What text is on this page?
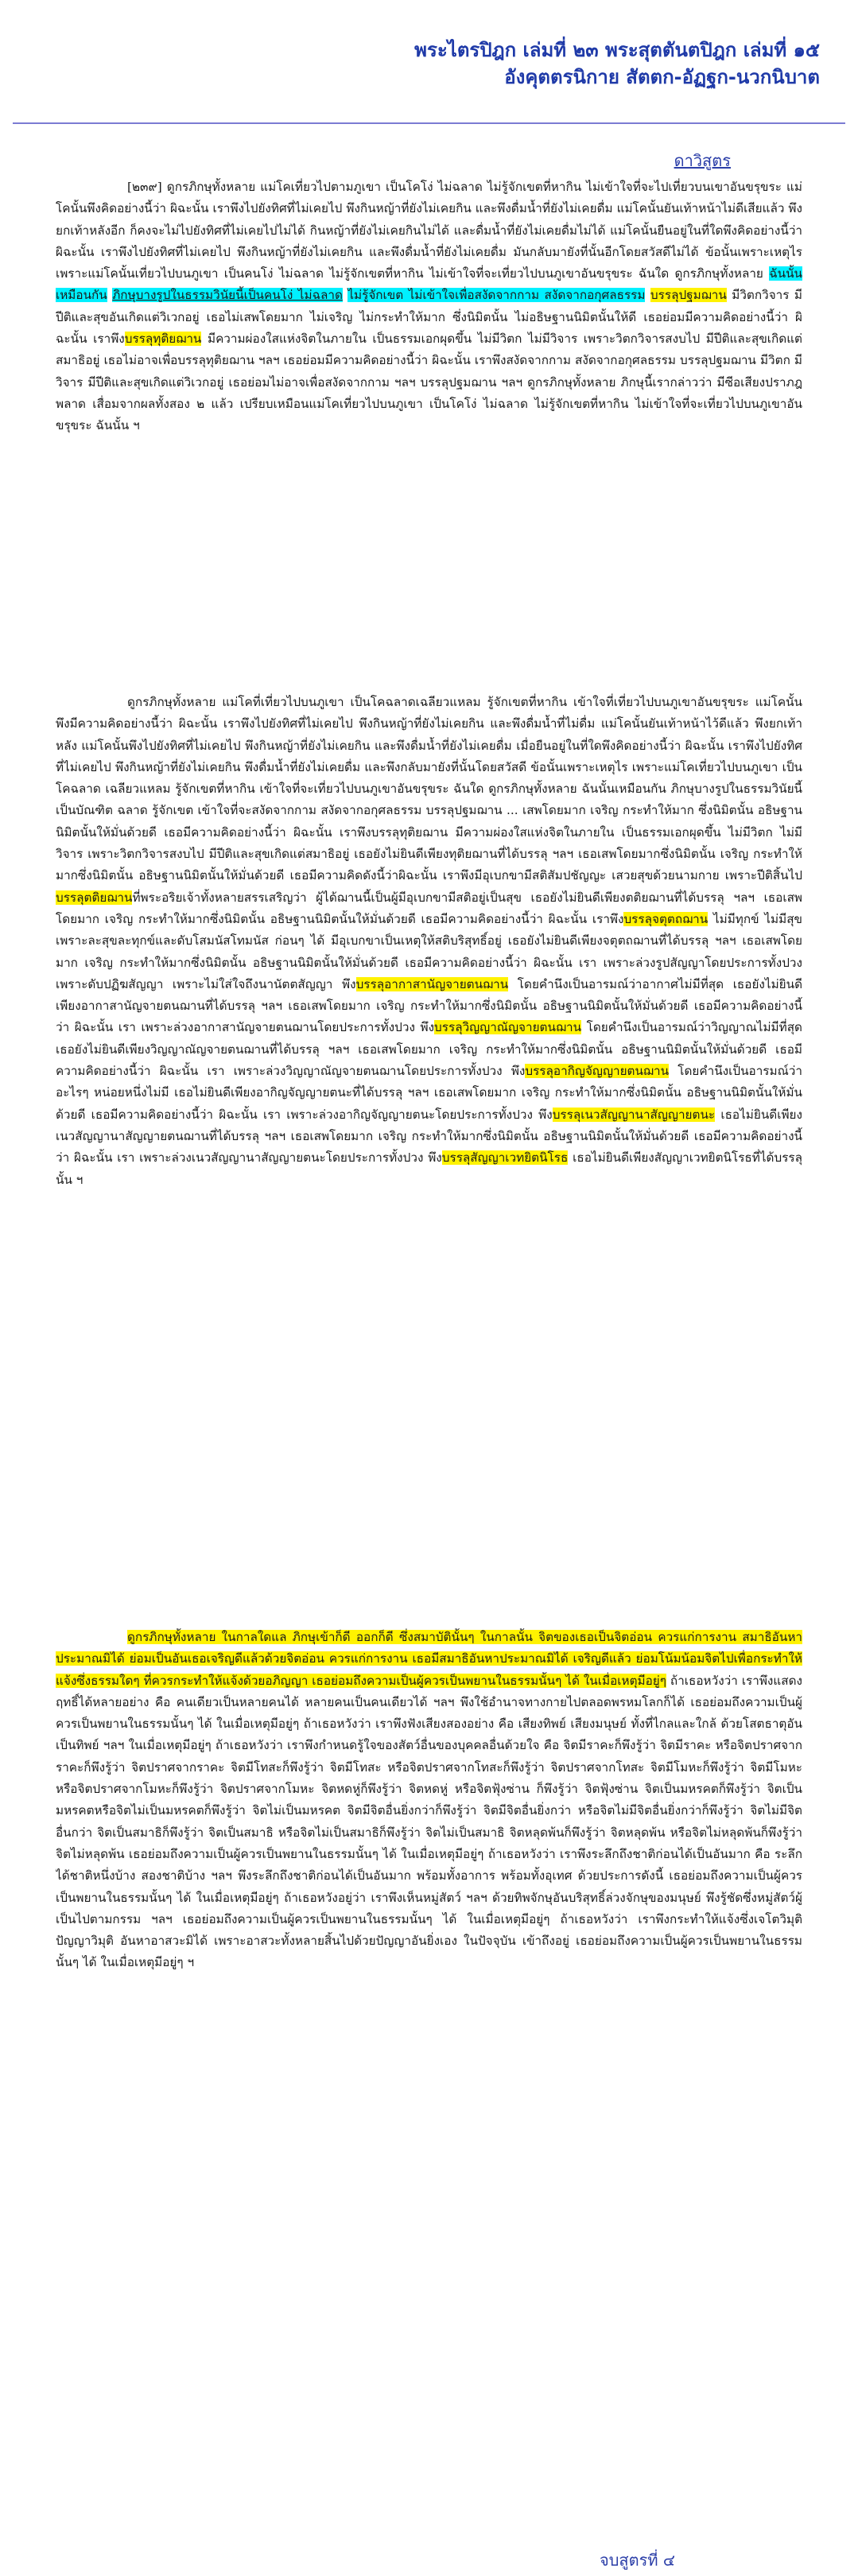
พระไตรปิฎก เล่มที่ ๒๓ พระสุตตันตปิฎก เล่มที่ ๑๕
อังคุตตรนิกาย สัตตก-อัฏฐก-นวกนิบาต
ดาวิสูตร

[๒๓๙] ดูกรภิกษุทั้งหลาย แม่โคเที่ยวไปตามภูเขา เป็นโคโง่ ไม่ฉลาด ไม่รู้จักเขตที่หากิน ไม่เข้าใจที่จะไปเที่ยวบนเขาอันขรุขระ แม่โคนั้นพึงคิดอย่างนี้ว่า ผิฉะนั้น เราพึงไปยังทิศที่ไม่เคยไป พึงกินหญ้าที่ยังไม่เคยกิน และพึงดื่มน้ำที่ยังไม่เคยดื่ม แม่โคนั้นยันเท้าหน้าไม่ดีเสียแล้ว พึงยกเท้าหลังอีก ก็คงจะไม่ไปยังทิศที่ไม่เคยไปไม่ได้ กินหญ้าที่ยังไม่เคยกินไม่ได้ และดื่มน้ำที่ยังไม่เคยดื่มไม่ได้ แม่โคนั้นยืนอยู่ในที่ใดพึงคิดอย่างนี้ว่า ผิฉะนั้น เราพึงไปยังทิศที่ไม่เคยไป พึงกินหญ้าที่ยังไม่เคยกิน และพึงดื่มน้ำที่ยังไม่เคยดื่ม มันกลับมายังที่นั้นอีกโดยสวัสดีไม่ได้ ข้อนั้นเพราะเหตุไร เพราะแม่โคนั้นเที่ยวไปบนภูเขา เป็นคนโง่ ไม่ฉลาด ไม่รู้จักเขตที่หากิน ไม่เข้าใจที่จะเที่ยวไปบนภูเขาอันขรุขระ ฉันใด ดูกรภิกษุทั้งหลาย ฉันนั้นเหมือนกัน ภิกษุบางรูปในธรรมวินัยนี้เป็นคนโง่ ไม่ฉลาด ไม่รู้จักเขต ไม่เข้าใจเพื่อสงัดจากกาม สงัดจากอกุศลธรรม บรรลุปฐมฌาน มีวิตกวิจาร มีปีติและสุขอันเกิดแต่วิเวกอยู่ เธอไม่เสพโดยมาก ไม่เจริญ ไม่กระทำให้มาก ซึ่งนิมิตนั้น ไม่อธิษฐานนิมิตนั้นให้ดี เธอย่อมมีความคิดอย่างนี้ว่า ผิฉะนั้น เราพึงบรรลุทุติยฌาน มีความผ่องใสแห่งจิตในภายใน เป็นธรรมเอกผุดขึ้น ไม่มีวิตก ไม่มีวิจาร เพราะวิตกวิจารสงบไป มีปีติและสุขเกิดแต่สมาธิอยู่ เธอไม่อาจเพื่อบรรลุทุติยฌาน ฯลฯ เธอย่อมมีความคิดอย่างนี้ว่า ผิฉะนั้น เราพึงสงัดจากกาม สงัดจากอกุศลธรรม บรรลุปฐมฌาน มีวิตก มีวิจาร มีปีติและสุขเกิดแต่วิเวกอยู่ เธอย่อมไม่อาจเพื่อสงัดจากกาม ฯลฯ บรรลุปฐมฌาน ฯลฯ ดูกรภิกษุทั้งหลาย ภิกษุนี้เรากล่าวว่า มีซีอเสียงปราภฎ พลาด เสื่อมจากผลทั้งสอง ๒ แล้ว เปรียบเหมือนแม่โคเที่ยวไปบนภูเขา เป็นโคโง่ ไม่ฉลาด ไม่รู้จักเขตที่หากิน ไม่เข้าใจที่จะเที่ยวไปบนภูเขาอันขรุขระ ฉันนั้น ฯ

ดูกรภิกษุทั้งหลาย แม่โคที่เที่ยวไปบนภูเขา เป็นโคฉลาดเฉลียวแหลม รู้จักเขตที่หากิน เข้าใจที่เที่ยวไปบนภูเขาอันขรุขระ แม่โคนั้นพึงมีความคิดอย่างนี้ว่า ผิฉะนั้น เราพึงไปยังทิศที่ไม่เคยไป พึงกินหญ้าที่ยังไม่เคยกิน และพึงดื่มน้ำที่ไม่ดื่ม แม่โคนั้นยันเท้าหน้าไว้ดีแล้ว พึงยกเท้าหลัง แม่โคนั้นพึงไปยังทิศที่ไม่เคยไป พึงกินหญ้าที่ยังไม่เคยกิน และพึงดื่มน้ำที่ยังไม่เคยดื่ม เมื่อยืนอยู่ในที่ใดพึงคิดอย่างนี้ว่า ผิฉะนั้น เราพึงไปยังทิศที่ไม่เคยไป พึงกินหญ้าที่ยังไม่เคยกิน พึงดื่มน้ำที่ยังไม่เคยดื่ม และพึงกลับมายังที่นั้นโดยสวัสดี ข้อนั้นเพราะเหตุไร เพราะแม่โคเที่ยวไปบนภูเขา เป็นโคฉลาด เฉลียวแหลม รู้จักเขตที่หากิน เข้าใจที่จะเที่ยวไปบนภูเขาอันขรุขระ ฉันใด ดูกรภิกษุทั้งหลาย ฉันนั้นเหมือนกัน ภิกษุบางรูปในธรรมวินัยนี้ เป็นบัณฑิต ฉลาด รู้จักเขต เข้าใจที่จะสงัดจากกาม สงัดจากอกุศลธรรม บรรลุปฐมฌาน ... เสพโดยมาก เจริญ กระทำให้มาก ซึ่งนิมิตนั้น อธิษฐานนิมิตนั้นให้มั่นด้วยดี เธอมีความคิดอย่างนี้ว่า ผิฉะนั้น เราพึงบรรลุทุติยฌาน มีความผ่องใสแห่งจิตในภายใน เป็นธรรมเอกผุดขึ้น ไม่มีวิตก ไม่มีวิจาร เพราะวิตกวิจารสงบไป มีปีติและสุขเกิดแต่สมาธิอยู่ เธอยังไม่ยินดีเพียงทุติยฌานที่ได้บรรลุ ฯลฯ เธอเสพโดยมากซึ่งนิมิตนั้น เจริญ กระทำให้มากซึ่งนิมิตนั้น อธิษฐานนิมิตนั้นให้มั่นด้วยดี เธอมีความคิดดังนี้ว่าผิฉะนั้น เราพึงมีอุเบกขามีสติสัมปชัญญะ เสวยสุขด้วยนามกาย เพราะปีติสิ้นไป บรรลุตติยฌานที่พระอริยเจ้าทั้งหลายสรรเสริญว่า ผู้ได้ฌานนี้เป็นผู้มีอุเบกขามีสติอยู่เป็นสุข เธอยังไม่ยินดีเพียงตติยฌานที่ได้บรรลุ ฯลฯ เธอเสพโดยมาก เจริญ กระทำให้มากซึ่งนิมิตนั้น อธิษฐานนิมิตนั้นให้มั่นด้วยดี เธอมีความคิดอย่างนี้ว่า ผิฉะนั้น เราพึงบรรลุจตุตถฌาน ไม่มีทุกข์ ไม่มีสุข เพราะละสุขละทุกข์และดับโสมนัสโทมนัส ก่อนๆ ได้ มีอุเบกขาเป็นเหตุให้สติบริสุทธิ์อยู่ เธอยังไม่ยินดีเพียงจตุตถฌานที่ได้บรรลุ ฯลฯ เธอเสพโดยมาก เจริญ กระทำให้มากซึ่งนิมิตนั้น อธิษฐานนิมิตนั้นให้มั่นด้วยดี เธอมีความคิดอย่างนี้ว่า ผิฉะนั้น เรา เพราะล่วงรูปสัญญาโดยประการทั้งปวง เพราะดับปฏิฆสัญญา เพราะไม่ใส่ใจถึงนานัตตสัญญา พึงบรรลุอากาสานัญจายตนฌาน โดยคำนึงเป็นอารมณ์ว่าอากาศไม่มีที่สุด เธอยังไม่ยินดีเพียงอากาสานัญจายตนฌานที่ได้บรรลุ ฯลฯ เธอเสพโดยมาก เจริญ กระทำให้มากซึ่งนิมิตนั้น อธิษฐานนิมิตนั้นให้มั่นด้วยดี เธอมีความคิดอย่างนี้ว่า ผิฉะนั้น เรา เพราะล่วงอากาสานัญจายตนฌานโดยประการทั้งปวง พึงบรรลุวิญญาณัญจายตนฌาน โดยคำนึงเป็นอารมณ์ว่าวิญญาณไม่มีที่สุด เธอยังไม่ยินดีเพียงวิญญาณัญจายตนฌานที่ได้บรรลุ ฯลฯ เธอเสพโดยมาก เจริญ กระทำให้มากซึ่งนิมิตนั้น อธิษฐานนิมิตนั้นให้มั่นด้วยดี เธอมีความคิดอย่างนี้ว่า ผิฉะนั้น เรา เพราะล่วงวิญญาณัญจายตนฌานโดยประการทั้งปวง พึงบรรลุอากิญจัญญายตนฌาน โดยคำนึงเป็นอารมณ์ว่า อะไรๆ หน่อยหนึ่งไม่มี เธอไม่ยินดีเพียงอากิญจัญญายตนะที่ได้บรรลุ ฯลฯ เธอเสพโดยมาก เจริญ กระทำให้มากซึ่งนิมิตนั้น อธิษฐานนิมิตนั้นให้มั่นด้วยดี เธอมีความคิดอย่างนี้ว่า ผิฉะนั้น เรา เพราะล่วงอากิญจัญญายตนะโดยประการทั้งปวง พึงบรรลุเนวสัญญานาสัญญายตนะ เธอไม่ยินดีเพียงเนวสัญญานาสัญญายตนฌานที่ได้บรรลุ ฯลฯ เธอเสพโดยมาก เจริญ กระทำให้มากซึ่งนิมิตนั้น อธิษฐานนิมิตนั้นให้มั่นด้วยดี เธอมีความคิดอย่างนี้ว่า ผิฉะนั้น เรา เพราะล่วงเนวสัญญานาสัญญายตนะโดยประการทั้งปวง พึงบรรลุสัญญาเวทยิตนิโรธ เธอไม่ยินดีเพียงสัญญาเวทยิตนิโรธที่ได้บรรลุนั้น ฯ

ดูกรภิกษุทั้งหลาย ในกาลใดแล ภิกษุเข้าก็ดี ออกก็ดี ซึ่งสมาบัตินั้นๆ ในกาลนั้น จิตของเธอเป็นจิตอ่อน ควรแก่การงาน สมาธิอันหาประมาณมิได้ ย่อมเป็นอันเธอเจริญดีแล้วด้วยจิตอ่อน ควรแก่การงาน เธอมีสมาธิอันหาประมาณมิได้ เจริญดีแล้ว ย่อมโน้มน้อมจิตไปเพื่อกระทำให้แจ้งซึ่งธรรมใดๆ ที่ควรกระทำให้แจ้งด้วยอภิญญา เธอย่อมถึงความเป็นผู้ควรเป็นพยานในธรรมนั้นๆ ได้ ในเมื่อเหตุมีอยู่ๆ ถ้าเธอหวังว่า เราพึงแสดงฤทธิ์ได้หลายอย่าง คือ คนเดียวเป็นหลายคนได้ หลายคนเป็นคนเดียวได้ ฯลฯ พึงใช้อำนาจทางกายไปตลอดพรหมโลกก็ได้ เธอย่อมถึงความเป็นผู้ควรเป็นพยานในธรรมนั้นๆ ได้ ในเมื่อเหตุมีอยู่ๆ ถ้าเธอหวังว่า เราพึงฟังเสียงสองอย่าง คือ เสียงทิพย์ เสียงมนุษย์ ทั้งที่ไกลและใกล้ ด้วยโสตธาตุอันเป็นทิพย์ ฯลฯ ในเมื่อเหตุมีอยู่ๆ ถ้าเธอหวังว่า เราพึงกำหนดรู้ใจของสัตว์อื่นของบุคคลอื่นด้วยใจ คือ จิตมีราคะก็พึงรู้ว่า จิตมีราคะ หรือจิตปราศจากราคะก็พึงรู้ว่า จิตปราศจากราคะ จิตมีโทสะก็พึงรู้ว่า จิตมีโทสะ หรือจิตปราศจากโทสะก็พึงรู้ว่า จิตปราศจากโทสะ จิตมีโมหะก็พึงรู้ว่า จิตมีโมหะ หรือจิตปราศจากโมหะก็พึงรู้ว่า จิตปราศจากโมหะ จิตหดหู่ก็พึงรู้ว่า จิตหดหู่ หรือจิตฟุ้งซ่าน ก็พึงรู้ว่า จิตฟุ้งซ่าน จิตเป็นมหรคตก็พึงรู้ว่า จิตเป็นมหรคตหรือจิตไม่เป็นมหรคตก็พึงรู้ว่า จิตไม่เป็นมหรคต จิตมีจิตอื่นยิ่งกว่าก็พึงรู้ว่า จิตมีจิตอื่นยิ่งกว่า หรือจิตไม่มีจิตอื่นยิ่งกว่าก็พึงรู้ว่า จิตไม่มีจิตอื่นกว่า จิตเป็นสมาธิก็พึงรู้ว่า จิตเป็นสมาธิ หรือจิตไม่เป็นสมาธิก็พึงรู้ว่า จิตไม่เป็นสมาธิ จิตหลุดพ้นก็พึงรู้ว่า จิตหลุดพ้น หรือจิตไม่หลุดพ้นก็พึงรู้ว่า จิตไม่หลุดพ้น เธอย่อมถึงความเป็นผู้ควรเป็นพยานในธรรมนั้นๆ ได้ ในเมื่อเหตุมีอยู่ๆ ถ้าเธอหวังว่า เราพึงระลึกถึงชาติก่อนได้เป็นอันมาก คือ ระลึกได้ชาติหนึ่งบ้าง สองชาติบ้าง ฯลฯ พึงระลึกถึงชาติก่อนได้เป็นอันมาก พร้อมทั้งอาการ พร้อมทั้งอุเทศ ด้วยประการดังนี้ เธอย่อมถึงความเป็นผู้ควรเป็นพยานในธรรมนั้นๆ ได้ ในเมื่อเหตุมีอยู่ๆ ถ้าเธอหวังอยู่ว่า เราพึงเห็นหมู่สัตว์ ฯลฯ ด้วยทิพจักษุอันบริสุทธิ์ล่วงจักษุของมนุษย์ พึงรู้ชัดซึ่งหมู่สัตว์ผู้เป็นไปตามกรรม ฯลฯ เธอย่อมถึงความเป็นผู้ควรเป็นพยานในธรรมนั้นๆ ได้ ในเมื่อเหตุมีอยู่ๆ ถ้าเธอหวังว่า เราพึงกระทำให้แจ้งซึ่งเจโตวิมุติ ปัญญาวิมุติ อันหาอาสวะมิได้ เพราะอาสวะทั้งหลายสิ้นไปด้วยปัญญาอันยิ่งเอง ในปัจจุบัน เข้าถึงอยู่ เธอย่อมถึงความเป็นผู้ควรเป็นพยานในธรรมนั้นๆ ได้ ในเมื่อเหตุมีอยู่ๆ ฯ

จบสูตรที่ ๔
